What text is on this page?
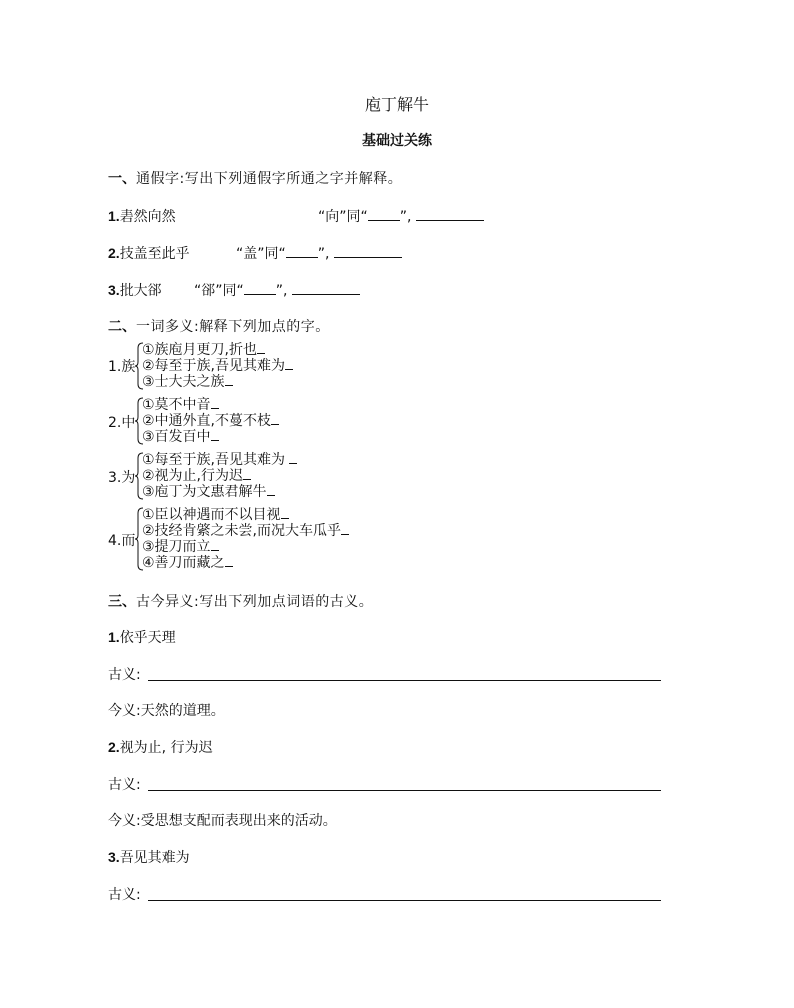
庖丁解牛
基础过关练
一、通假字:写出下列通假字所通之字并解释。
1.砉然向然	“向”同“ ”,
2.技盖至此乎	“盖”同“ ”,
3.批大郤 “郤”同“ ”,
二、一词多义:解释下列加点的字。
1.族
①族庖月更刀,折也
②每至于族,吾见其难为
③士大夫之族
2.中
①莫不中音
②中通外直,不蔓不枝
③百发百中
3.为
①每至于族,吾见其难为
②视为止,行为迟
③庖丁为文惠君解牛
4.而
①臣以神遇而不以目视
②技经肯綮之未尝,而况大车瓜乎
③提刀而立
④善刀而藏之
三、古今异义:写出下列加点词语的古义。
1.依乎天理
古义:
今义:天然的道理。
2.视为止, 行为迟
古义:
今义:受思想支配而表现出来的活动。
3.吾见其难为
古义:
